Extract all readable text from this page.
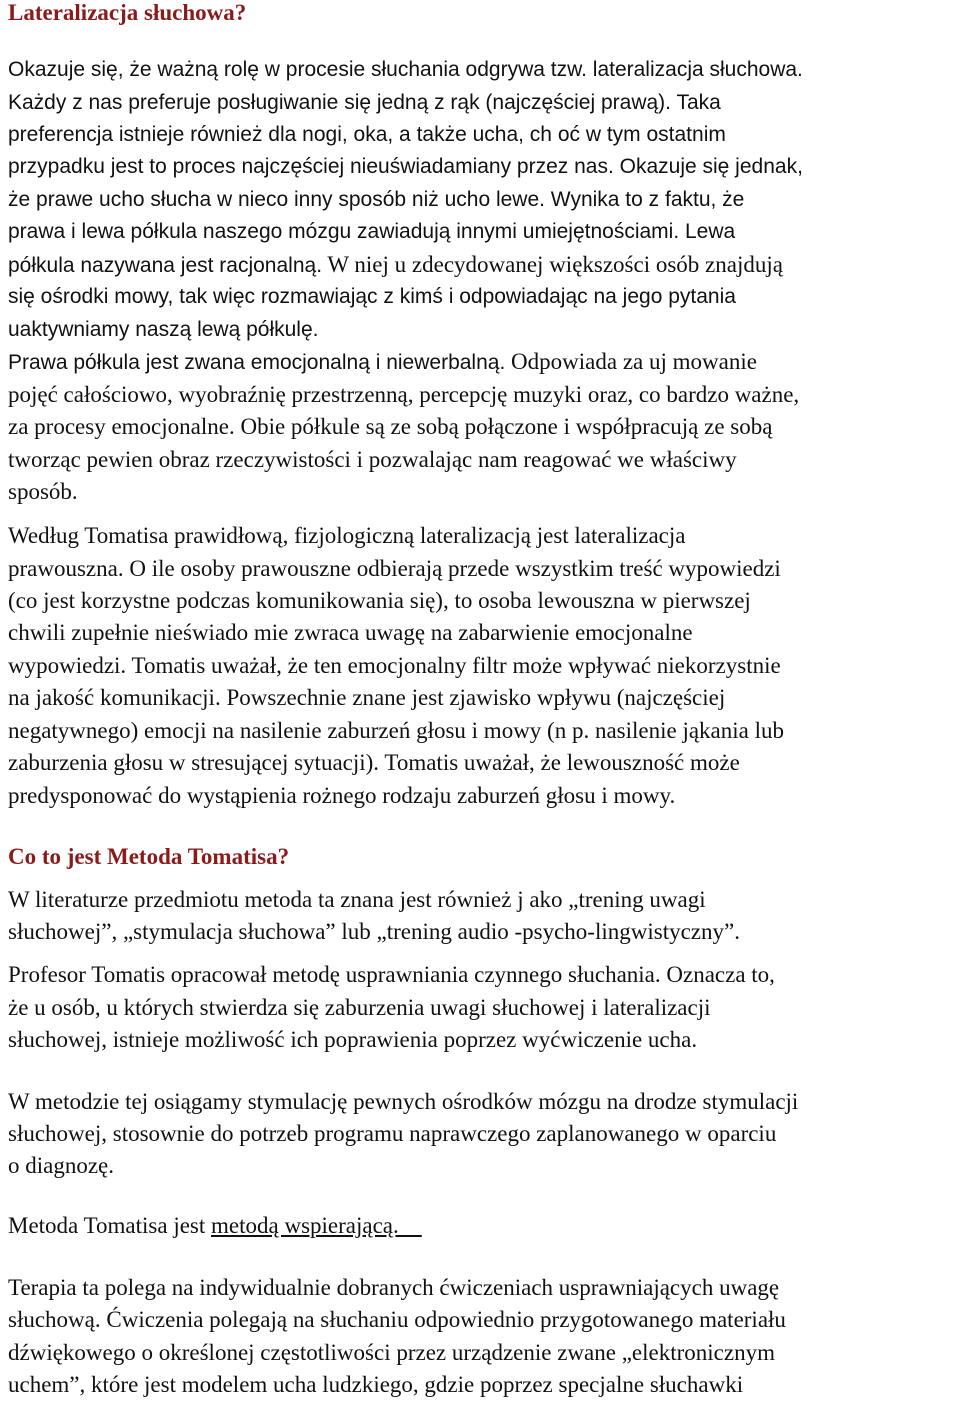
Lateralizacja słuchowa?
Okazuje się, że ważną rolę w procesie słuchania odgrywa tzw. lateralizacja słuchowa.
Każdy z nas preferuje posługiwanie się jedną z rąk (najczęściej prawą). Taka
preferencja istnieje również dla nogi, oka, a także ucha, ch oć w tym ostatnim
przypadku jest to proces najczęściej nieuświadamiany przez nas. Okazuje się jednak,
że prawe ucho słucha w nieco inny sposób niż ucho lewe. Wynika to z faktu, że
prawa i lewa półkula naszego mózgu zawiadują innymi umiejętnościami. Lewa
półkula nazywana jest racjonalną. W niej u zdecydowanej większości osób znajdują
się ośrodki mowy, tak więc rozmawiając z kimś i odpowiadając na jego pytania
uaktywniamy naszą lewą półkulę.
Prawa półkula jest zwana emocjonalną i niewerbalną. Odpowiada za uj mowanie
pojęć całościowo, wyobraźnię przestrzenną, percepcję muzyki oraz, co bardzo ważne,
za procesy emocjonalne. Obie półkule są ze sobą połączone i współpracują ze sobą
tworząc pewien obraz rzeczywistości i pozwalając nam reagować we właściwy
sposób.
Według Tomatisa prawidłową, fizjologiczną lateralizacją jest lateralizacja
prawouszna. O ile osoby prawouszne odbierają przede wszystkim treść wypowiedzi
(co jest korzystne podczas komunikowania się), to osoba lewouszna w pierwszej
chwili zupełnie nieświado mie zwraca uwagę na zabarwienie emocjonalne
wypowiedzi. Tomatis uważał, że ten emocjonalny filtr może wpływać niekorzystnie
na jakość komunikacji. Powszechnie znane jest zjawisko wpływu (najczęściej
negatywnego) emocji na nasilenie zaburzeń głosu i mowy (n p. nasilenie jąkania lub
zaburzenia głosu w stresującej sytuacji). Tomatis uważał, że lewouszność może
predysponować do wystąpienia rożnego rodzaju zaburzeń głosu i mowy.
Co to jest Metoda Tomatisa?
W literaturze przedmiotu metoda ta znana jest również j ako „trening uwagi
słuchowej”, „stymulacja słuchowa” lub „trening audio -psycho-lingwistyczny”.
Profesor Tomatis opracował metodę usprawniania czynnego słuchania. Oznacza to,
że u osób, u których stwierdza się zaburzenia uwagi słuchowej i lateralizacji
słuchowej, istnieje możliwość ich poprawienia poprzez wyćwiczenie ucha.
W metodzie tej osiągamy stymulację pewnych ośrodków mózgu na drodze stymulacji
słuchowej, stosownie do potrzeb programu naprawczego zaplanowanego w oparciu
o diagnozę.
Metoda Tomatisa jest metodą wspierającą.
Terapia ta polega na indywidualnie dobranych ćwiczeniach usprawniających uwagę
słuchową. Ćwiczenia polegają na słuchaniu odpowiednio przygotowanego materiału
dźwiękowego o określonej częstotliwości przez urządzenie zwane „elektronicznym
uchem”, które jest modelem ucha ludzkiego, gdzie poprzez specjalne słuchawki
